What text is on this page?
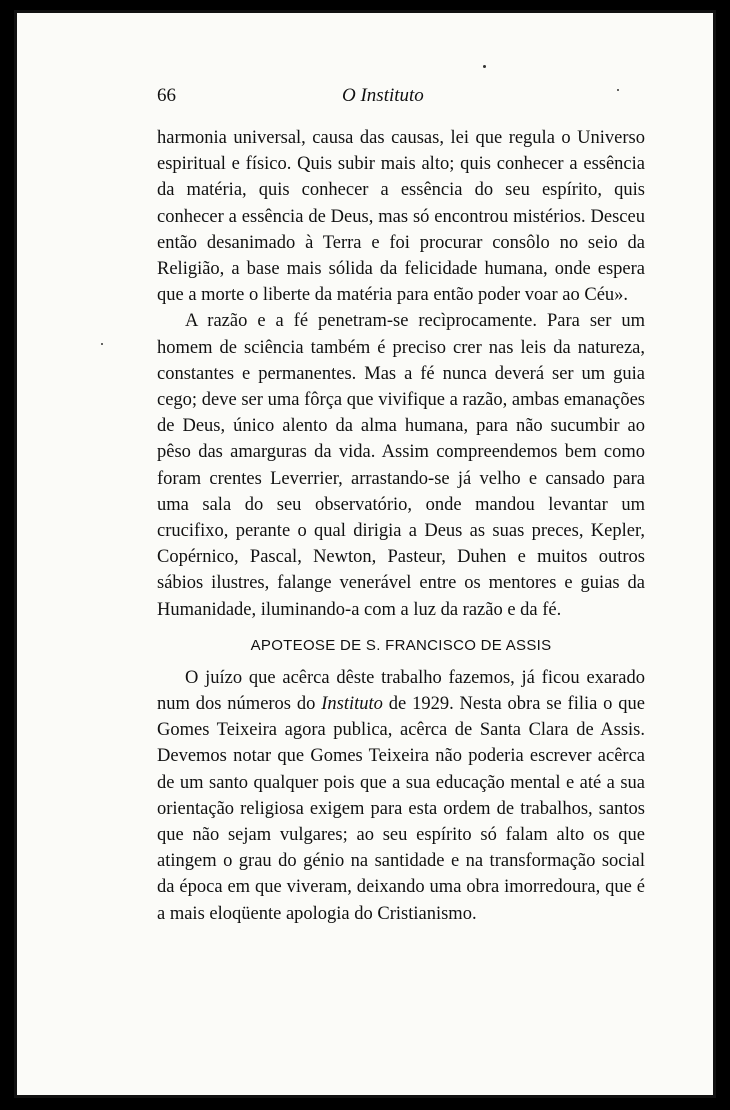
66	O Instituto

harmonia universal, causa das causas, lei que regula o Universo espiritual e físico. Quis subir mais alto; quis conhecer a essência da matéria, quis conhecer a essência do seu espírito, quis conhecer a essência de Deus, mas só encontrou mistérios. Desceu então desanimado à Terra e foi procurar consôlo no seio da Religião, a base mais sólida da felicidade humana, onde espera que a morte o liberte da matéria para então poder voar ao Céu».

A razão e a fé penetram-se recìprocamente. Para ser um homem de sciência também é preciso crer nas leis da natureza, constantes e permanentes. Mas a fé nunca deverá ser um guia cego; deve ser uma fôrça que vivifique a razão, ambas emanações de Deus, único alento da alma humana, para não sucumbir ao pêso das amarguras da vida. Assim compreendemos bem como foram crentes Leverrier, arrastando-se já velho e cansado para uma sala do seu observatório, onde mandou levantar um crucifixo, perante o qual dirigia a Deus as suas preces, Kepler, Copérnico, Pascal, Newton, Pasteur, Duhen e muitos outros sábios ilustres, falange venerável entre os mentores e guias da Humanidade, iluminando-a com a luz da razão e da fé.

APOTEOSE DE S. FRANCISCO DE ASSIS

O juízo que acêrca dêste trabalho fazemos, já ficou exarado num dos números do Instituto de 1929. Nesta obra se filia o que Gomes Teixeira agora publica, acêrca de Santa Clara de Assis. Devemos notar que Gomes Teixeira não poderia escrever acêrca de um santo qualquer pois que a sua educação mental e até a sua orientação religiosa exigem para esta ordem de trabalhos, santos que não sejam vulgares; ao seu espírito só falam alto os que atingem o grau do génio na santidade e na transformação social da época em que viveram, deixando uma obra imorredoura, que é a mais eloqüente apologia do Cristianismo.
